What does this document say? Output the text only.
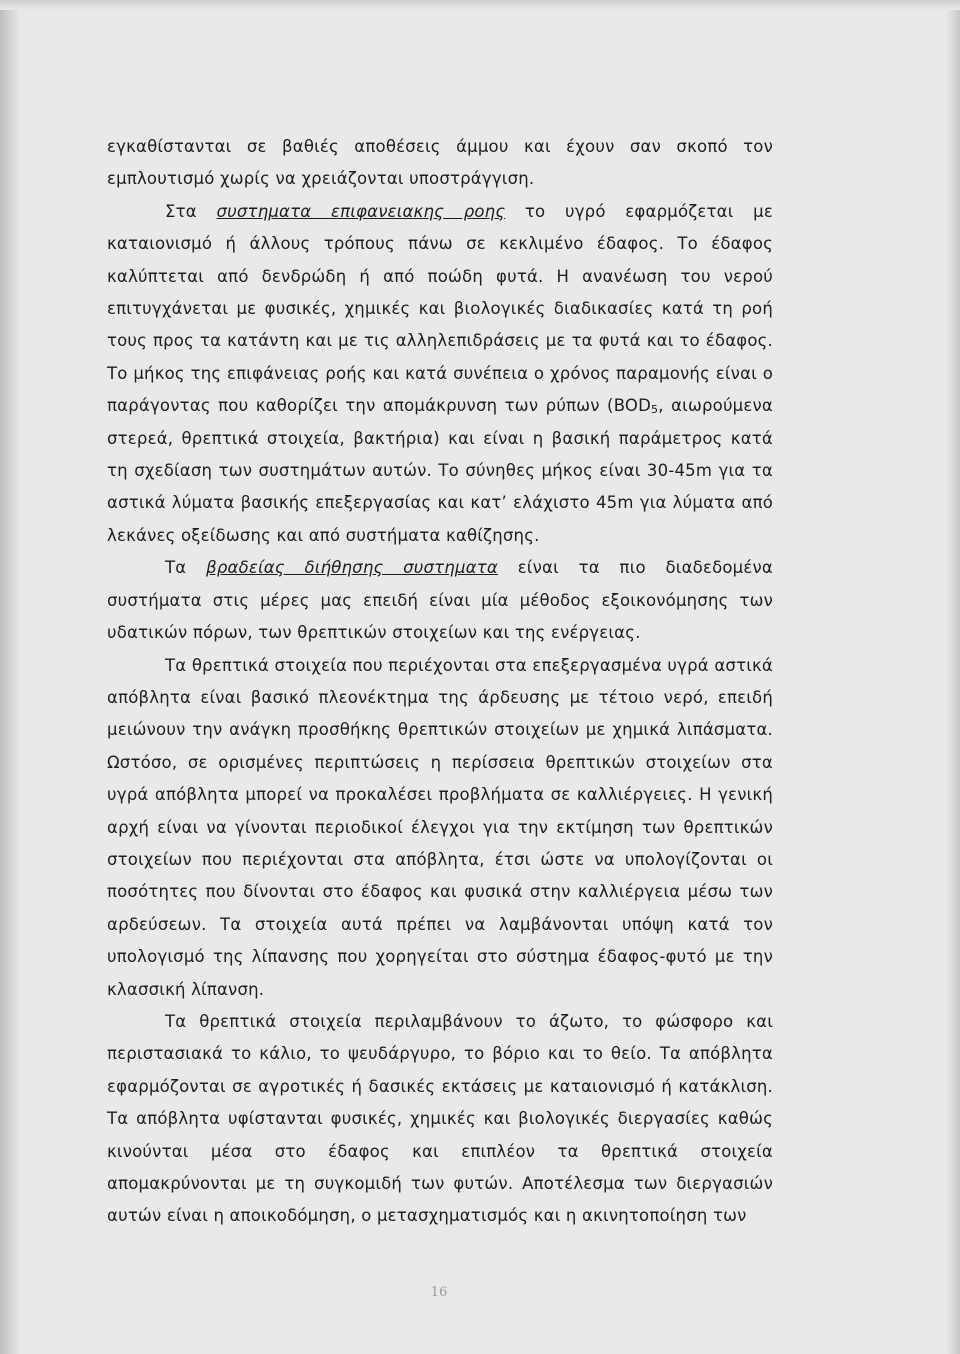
εγκαθίστανται σε βαθιές αποθέσεις άμμου και έχουν σαν σκοπό τον εμπλουτισμό χωρίς να χρειάζονται υποστράγγιση.

Στα συστηματα επιφανειακης ροης το υγρό εφαρμόζεται με καταιονισμό ή άλλους τρόπους πάνω σε κεκλιμένο έδαφος. Το έδαφος καλύπτεται από δενδρώδη ή από ποώδη φυτά. Η ανανέωση του νερού επιτυγχάνεται με φυσικές, χημικές και βιολογικές διαδικασίες κατά τη ροή τους προς τα κατάντη και με τις αλληλεπιδράσεις με τα φυτά και το έδαφος. Το μήκος της επιφάνειας ροής και κατά συνέπεια ο χρόνος παραμονής είναι ο παράγοντας που καθορίζει την απομάκρυνση των ρύπων ($BOD_5$, αιωρούμενα στερεά, θρεπτικά στοιχεία, βακτήρια) και είναι η βασική παράμετρος κατά τη σχεδίαση των συστημάτων αυτών. Το σύνηθες μήκος είναι 30-45m για τα αστικά λύματα βασικής επεξεργασίας και κατ’ ελάχιστο 45m για λύματα από λεκάνες οξείδωσης και από συστήματα καθίζησης.

Τα βραδείας διήθησης συστηματα είναι τα πιο διαδεδομένα συστήματα στις μέρες μας επειδή είναι μία μέθοδος εξοικονόμησης των υδατικών πόρων, των θρεπτικών στοιχείων και της ενέργειας.

Τα θρεπτικά στοιχεία που περιέχονται στα επεξεργασμένα υγρά αστικά απόβλητα είναι βασικό πλεονέκτημα της άρδευσης με τέτοιο νερό, επειδή μειώνουν την ανάγκη προσθήκης θρεπτικών στοιχείων με χημικά λιπάσματα. Ωστόσο, σε ορισμένες περιπτώσεις η περίσσεια θρεπτικών στοιχείων στα υγρά απόβλητα μπορεί να προκαλέσει προβλήματα σε καλλιέργειες. Η γενική αρχή είναι να γίνονται περιοδικοί έλεγχοι για την εκτίμηση των θρεπτικών στοιχείων που περιέχονται στα απόβλητα, έτσι ώστε να υπολογίζονται οι ποσότητες που δίνονται στο έδαφος και φυσικά στην καλλιέργεια μέσω των αρδεύσεων. Τα στοιχεία αυτά πρέπει να λαμβάνονται υπόψη κατά τον υπολογισμό της λίπανσης που χορηγείται στο σύστημα έδαφος-φυτό με την κλασσική λίπανση.

Τα θρεπτικά στοιχεία περιλαμβάνουν το άζωτο, το φώσφορο και περιστασιακά το κάλιο, το ψευδάργυρο, το βόριο και το θείο. Τα απόβλητα εφαρμόζονται σε αγροτικές ή δασικές εκτάσεις με καταιονισμό ή κατάκλιση. Τα απόβλητα υφίστανται φυσικές, χημικές και βιολογικές διεργασίες καθώς κινούνται μέσα στο έδαφος και επιπλέον τα θρεπτικά στοιχεία απομακρύνονται με τη συγκομιδή των φυτών. Αποτέλεσμα των διεργασιών αυτών είναι η αποικοδόμηση, ο μετασχηματισμός και η ακινητοποίηση των

16
